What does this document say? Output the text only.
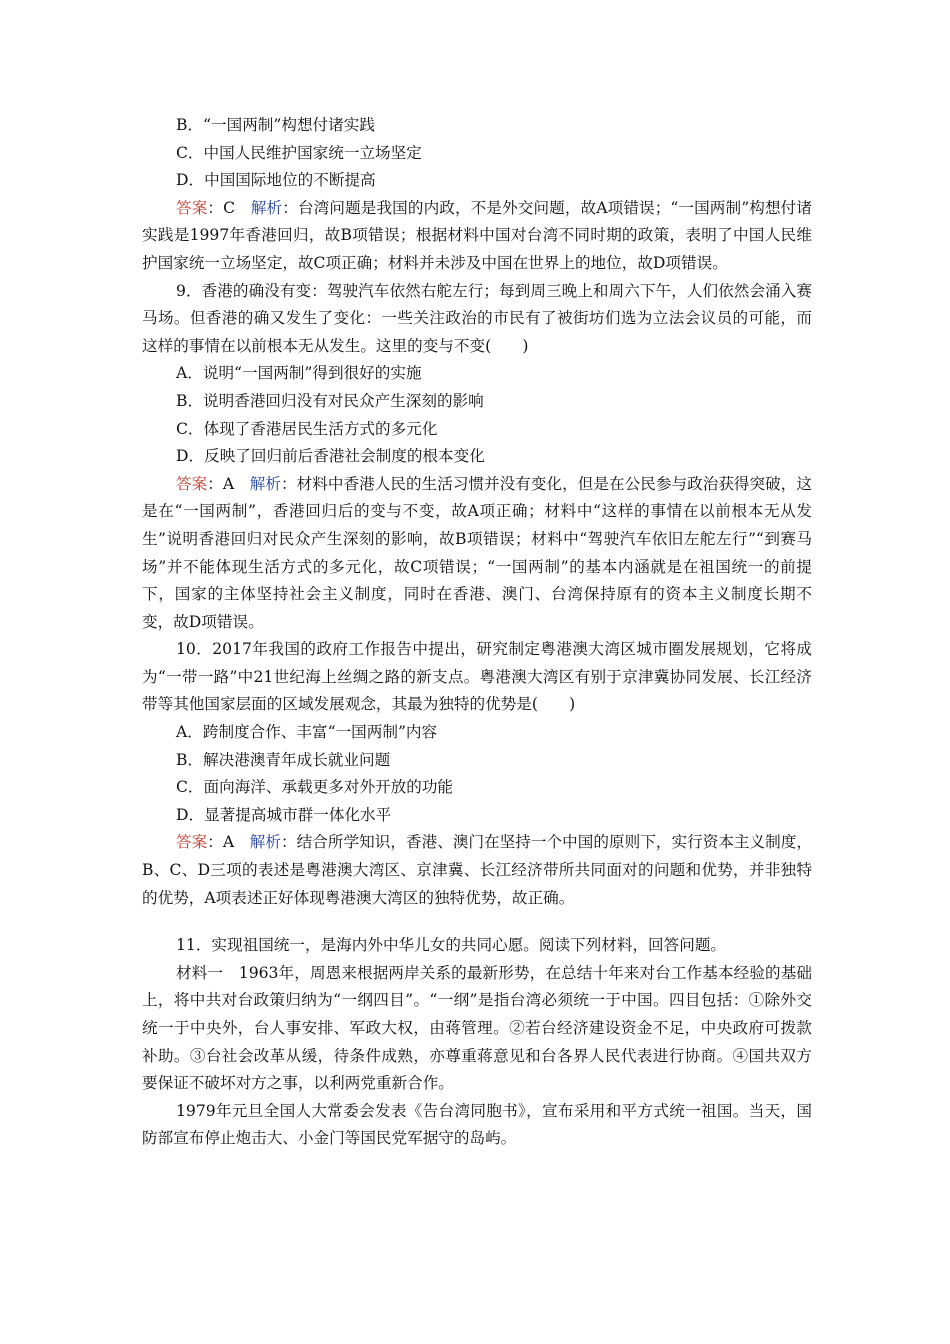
B．“一国两制”构想付诸实践
C．中国人民维护国家统一立场坚定
D．中国国际地位的不断提高
答案：C　解析：台湾问题是我国的内政，不是外交问题，故A项错误；“一国两制”构想付诸实践是1997年香港回归，故B项错误；根据材料中国对台湾不同时期的政策，表明了中国人民维护国家统一立场坚定，故C项正确；材料并未涉及中国在世界上的地位，故D项错误。
9．香港的确没有变：驾驶汽车依然右舵左行；每到周三晚上和周六下午，人们依然会涌入赛马场。但香港的确又发生了变化：一些关注政治的市民有了被街坊们选为立法会议员的可能，而这样的事情在以前根本无从发生。这里的变与不变(　　)
A．说明“一国两制”得到很好的实施
B．说明香港回归没有对民众产生深刻的影响
C．体现了香港居民生活方式的多元化
D．反映了回归前后香港社会制度的根本变化
答案：A　解析：材料中香港人民的生活习惯并没有变化，但是在公民参与政治获得突破，这是在“一国两制”，香港回归后的变与不变，故A项正确；材料中“这样的事情在以前根本无从发生”说明香港回归对民众产生深刻的影响，故B项错误；材料中“驾驶汽车依旧左舵左行”“到赛马场”并不能体现生活方式的多元化，故C项错误；“一国两制”的基本内涵就是在祖国统一的前提下，国家的主体坚持社会主义制度，同时在香港、澳门、台湾保持原有的资本主义制度长期不变，故D项错误。
10．2017年我国的政府工作报告中提出，研究制定粤港澳大湾区城市圈发展规划，它将成为“一带一路”中21世纪海上丝绸之路的新支点。粤港澳大湾区有别于京津冀协同发展、长江经济带等其他国家层面的区域发展观念，其最为独特的优势是(　　)
A．跨制度合作、丰富“一国两制”内容
B．解决港澳青年成长就业问题
C．面向海洋、承载更多对外开放的功能
D．显著提高城市群一体化水平
答案：A　解析：结合所学知识，香港、澳门在坚持一个中国的原则下，实行资本主义制度，B、C、D三项的表述是粤港澳大湾区、京津冀、长江经济带所共同面对的问题和优势，并非独特的优势，A项表述正好体现粤港澳大湾区的独特优势，故正确。
11．实现祖国统一，是海内外中华儿女的共同心愿。阅读下列材料，回答问题。
材料一　1963年，周恩来根据两岸关系的最新形势，在总结十年来对台工作基本经验的基础上，将中共对台政策归纳为“一纲四目”。“一纲”是指台湾必须统一于中国。四目包括：①除外交统一于中央外，台人事安排、军政大权，由蒋管理。②若台经济建设资金不足，中央政府可拨款补助。③台社会改革从缓，待条件成熟，亦尊重蒋意见和台各界人民代表进行协商。④国共双方要保证不破坏对方之事，以利两党重新合作。
1979年元旦全国人大常委会发表《告台湾同胞书》，宣布采用和平方式统一祖国。当天，国防部宣布停止炮击大、小金门等国民党军据守的岛屿。
